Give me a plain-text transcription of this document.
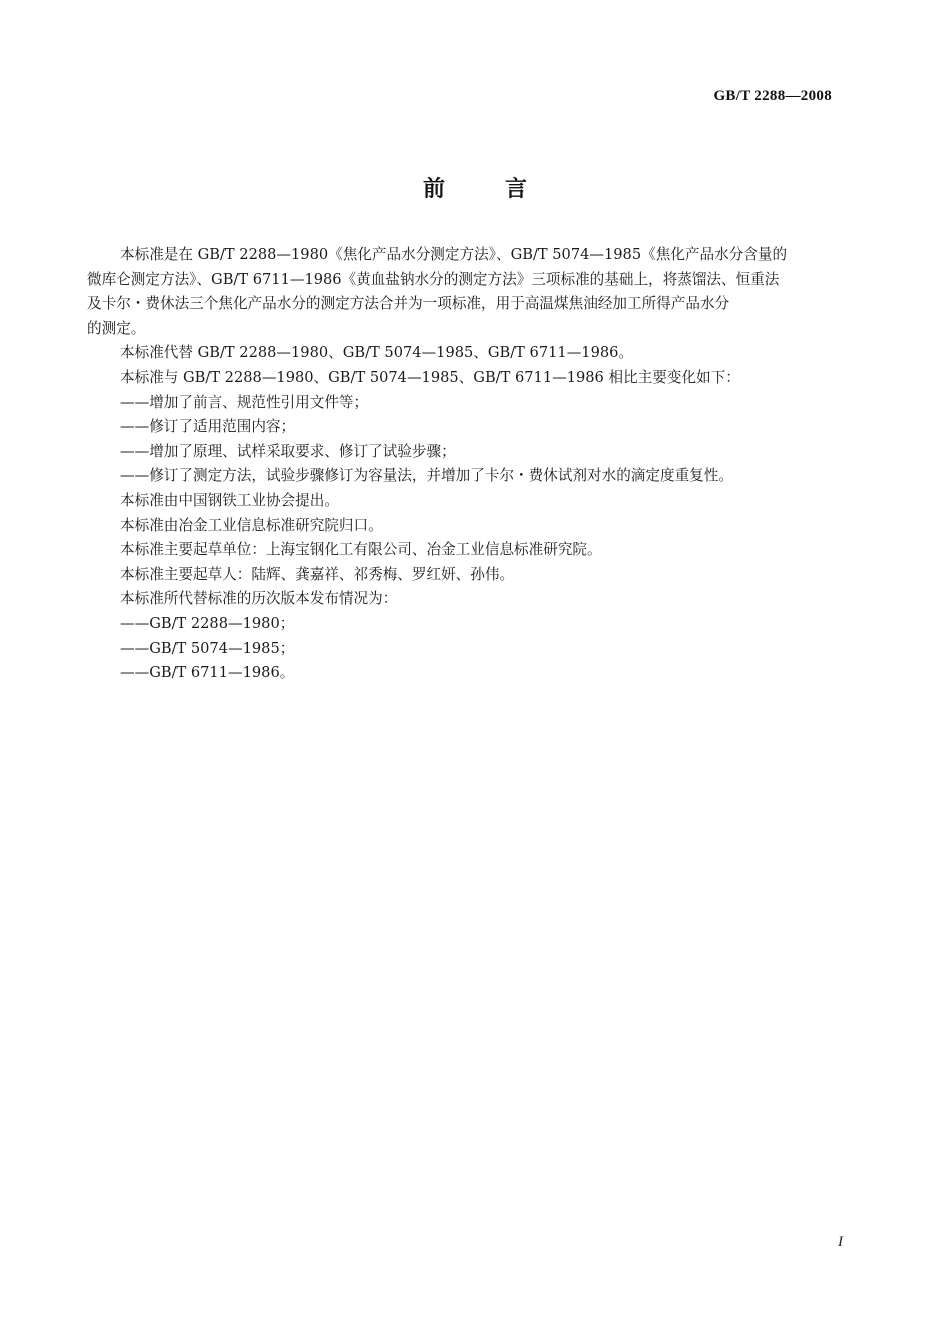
GB/T 2288—2008
前	言
本标准是在 GB/T 2288—1980《焦化产品水分测定方法》、GB/T 5074—1985《焦化产品水分含量的
微库仑测定方法》、GB/T 6711—1986《黄血盐钠水分的测定方法》三项标准的基础上，将蒸馏法、恒重法
及卡尔・费休法三个焦化产品水分的测定方法合并为一项标准，用于高温煤焦油经加工所得产品水分
的测定。
本标准代替 GB/T 2288—1980、GB/T 5074—1985、GB/T 6711—1986。
本标准与 GB/T 2288—1980、GB/T 5074—1985、GB/T 6711—1986 相比主要变化如下：
——增加了前言、规范性引用文件等；
——修订了适用范围内容；
——增加了原理、试样采取要求、修订了试验步骤；
——修订了测定方法，试验步骤修订为容量法，并增加了卡尔・费休试剂对水的滴定度重复性。
本标准由中国钢铁工业协会提出。
本标准由冶金工业信息标准研究院归口。
本标准主要起草单位：上海宝钢化工有限公司、冶金工业信息标准研究院。
本标准主要起草人：陆辉、龚嘉祥、祁秀梅、罗红妍、孙伟。
本标准所代替标准的历次版本发布情况为：
——GB/T 2288—1980；
——GB/T 5074—1985；
——GB/T 6711—1986。
I
